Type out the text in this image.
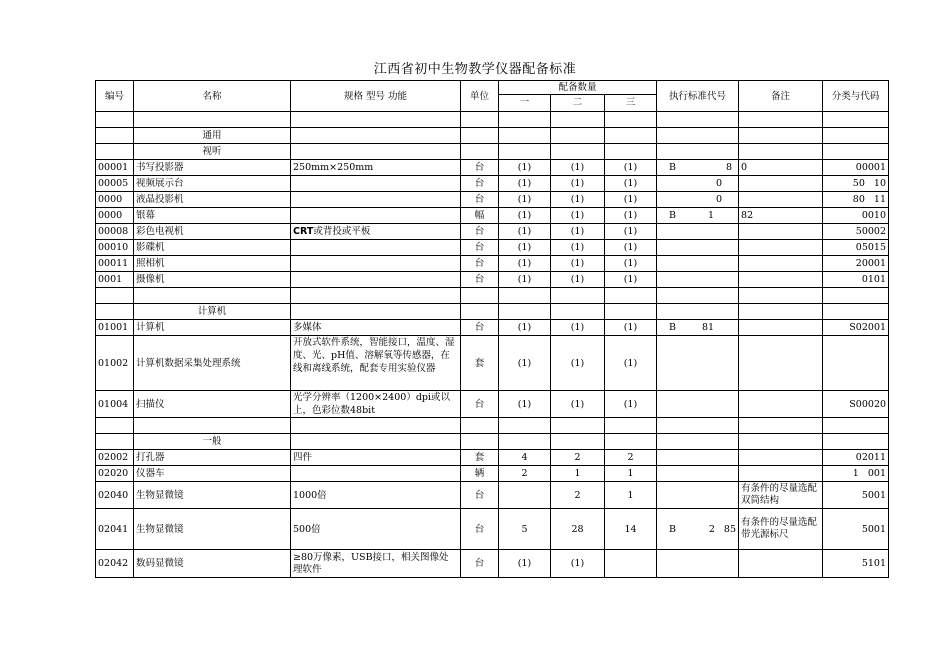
江西省初中生物教学仪器配备标准
编号	名称	规格 型号 功能	单位	配备数量			执行标准代号	备注	分类与代码
				一	二	三			

	通用								
	视听								
00001	书写投影器	250mm×250mm	台	(1)	(1)	(1)	B 8	0	00001
00005	视频展示台		台	(1)	(1)	(1)	0		50   10
0000	液晶投影机		台	(1)	(1)	(1)	0		80   11
0000	银幕		幅	(1)	(1)	(1)	B 1	82	0010
00008	彩色电视机	CRT或背投或平板	台	(1)	(1)	(1)			50002
00010	影碟机		台	(1)	(1)	(1)			05015
00011	照相机		台	(1)	(1)	(1)			20001
0001	摄像机		台	(1)	(1)	(1)			0101

	计算机								
01001	计算机	多媒体	台	(1)	(1)	(1)	B 81		S02001
01002	计算机数据采集处理系统	开放式软件系统，智能接口，温度、湿度、光、pH值、溶解氧等传感器，在线和离线系统，配套专用实验仪器	套	(1)	(1)	(1)			
01004	扫描仪	光学分辨率（1200×2400）dpi或以上，色彩位数48bit	台	(1)	(1)	(1)			S00020

	一般								
02002	打孔器	四件	套	4	2	2			02011
02020	仪器车		辆	2	1	1			1   001
02040	生物显微镜	1000倍	台		2	1		有条件的尽量选配双筒结构	5001
02041	生物显微镜	500倍	台	5	28	14	B 2   85	有条件的尽量选配带光源标尺	5001
02042	数码显微镜	≥80万像素，USB接口，相关图像处理软件	台	(1)	(1)				5101
